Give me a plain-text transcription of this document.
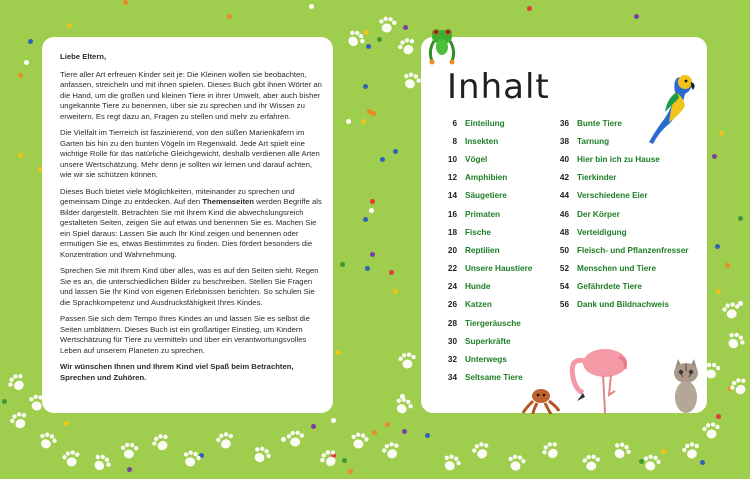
Liebe Eltern,

Tiere aller Art erfreuen Kinder seit je: Die Kleinen wollen sie beobachten, anfassen, streicheln und mit ihnen spielen. Dieses Buch gibt ihnen Wörter an die Hand, um die großen und kleinen Tiere in ihrer Umwelt, aber auch bisher ungekannte Tiere zu benennen, über sie zu sprechen und ihr Wissen zu erweitern. Es regt dazu an, Fragen zu stellen und mehr zu erfahren.

Die Vielfalt im Tierreich ist faszinierend, von den süßen Marienkäfern im Garten bis hin zu den bunten Vögeln im Regenwald. Jede Art spielt eine wichtige Rolle für das natürliche Gleichgewicht, deshalb verdienen alle Arten unsere Wertschätzung. Mehr denn je sollten wir lernen und darauf achten, wie wir sie schützen können.

Dieses Buch bietet viele Möglichkeiten, miteinander zu sprechen und gemeinsam Dinge zu entdecken. Auf den Themenseiten werden Begriffe als Bilder dargestellt. Betrachten Sie mit Ihrem Kind die abwechslungsreich gestalteten Seiten, zeigen Sie auf etwas und benennen Sie es. Machen Sie ein Spiel daraus: Lassen Sie auch Ihr Kind zeigen und benennen oder ermutigen Sie es, etwas Bestimmtes zu finden. Dies fördert besonders die Konzentration und Wahrnehmung.

Sprechen Sie mit Ihrem Kind über alles, was es auf den Seiten sieht. Regen Sie es an, die unterschiedlichen Bilder zu beschreiben. Stellen Sie Fragen und lassen Sie Ihr Kind von eigenen Erlebnissen berichten. So schulen Sie die Sprachkompetenz und Ausdrucksfähigkeit Ihres Kindes.

Passen Sie sich dem Tempo Ihres Kindes an und lassen Sie es selbst die Seiten umblättern. Dieses Buch ist ein großartiger Einstieg, um Kindern Wertschätzung für Tiere zu vermitteln und über ein verantwortungsvolles Leben auf unserem Planeten zu sprechen.

Wir wünschen Ihnen und Ihrem Kind viel Spaß beim Betrachten, Sprechen und Zuhören.

Inhalt
6 Einteilung
8 Insekten
10 Vögel
12 Amphibien
14 Säugetiere
16 Primaten
18 Fische
20 Reptilien
22 Unsere Haustiere
24 Hunde
26 Katzen
28 Tiergeräusche
30 Superkräfte
32 Unterwegs
34 Seltsame Tiere
36 Bunte Tiere
38 Tarnung
40 Hier bin ich zu Hause
42 Tierkinder
44 Verschiedene Eier
46 Der Körper
48 Verteidigung
50 Fleisch- und Pflanzenfresser
52 Menschen und Tiere
54 Gefährdete Tiere
56 Dank und Bildnachweis
